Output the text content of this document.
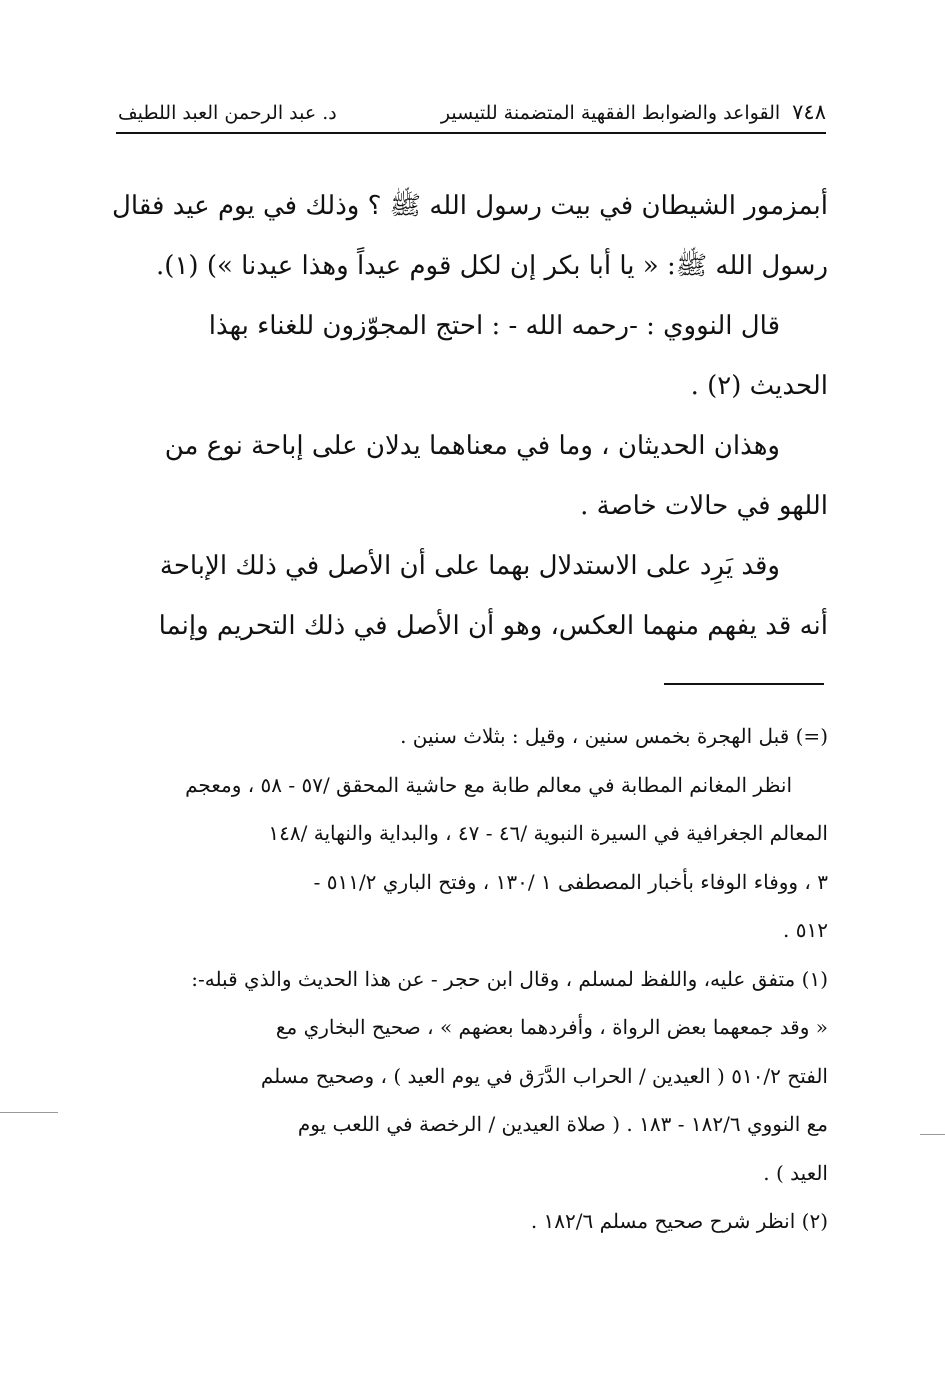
٧٤٨
القواعد والضوابط الفقهية المتضمنة للتيسير
د. عبد الرحمن العبد اللطيف

أبمزمور الشيطان في بيت رسول الله ﷺ ؟ وذلك في يوم عيد فقال

رسول الله ﷺ: « يا أبا بكر إن لكل قوم عيداً وهذا عيدنا ») (١).

قال النووي : -رحمه الله - : احتج المجوّزون للغناء بهذا

الحديث (٢) .

وهذان الحديثان ، وما في معناهما يدلان على إباحة نوع من

اللهو في حالات خاصة .

وقد يَرِد على الاستدلال بهما على أن الأصل في ذلك الإباحة

أنه قد يفهم منهما العكس، وهو أن الأصل في ذلك التحريم وإنما

(=) قبل الهجرة بخمس سنين ، وقيل : بثلاث سنين .

انظر المغانم المطابة في معالم طابة مع حاشية المحقق /٥٧ - ٥٨ ، ومعجم

المعالم الجغرافية في السيرة النبوية /٤٦ - ٤٧ ، والبداية والنهاية /١٤٨

٣ ، ووفاء الوفاء بأخبار المصطفى ١ /١٣٠ ، وفتح الباري ٥١١/٢ -

٥١٢ .

(١) متفق عليه، واللفظ لمسلم ، وقال ابن حجر - عن هذا الحديث والذي قبله-:

« وقد جمعهما بعض الرواة ، وأفردهما بعضهم » ، صحيح البخاري مع

الفتح ٥١٠/٢ ( العيدين / الحراب الدَّرَق في يوم العيد ) ، وصحيح مسلم

مع النووي ١٨٢/٦ - ١٨٣ . ( صلاة العيدين / الرخصة في اللعب يوم

العيد ) .

(٢) انظر شرح صحيح مسلم ١٨٢/٦ .
